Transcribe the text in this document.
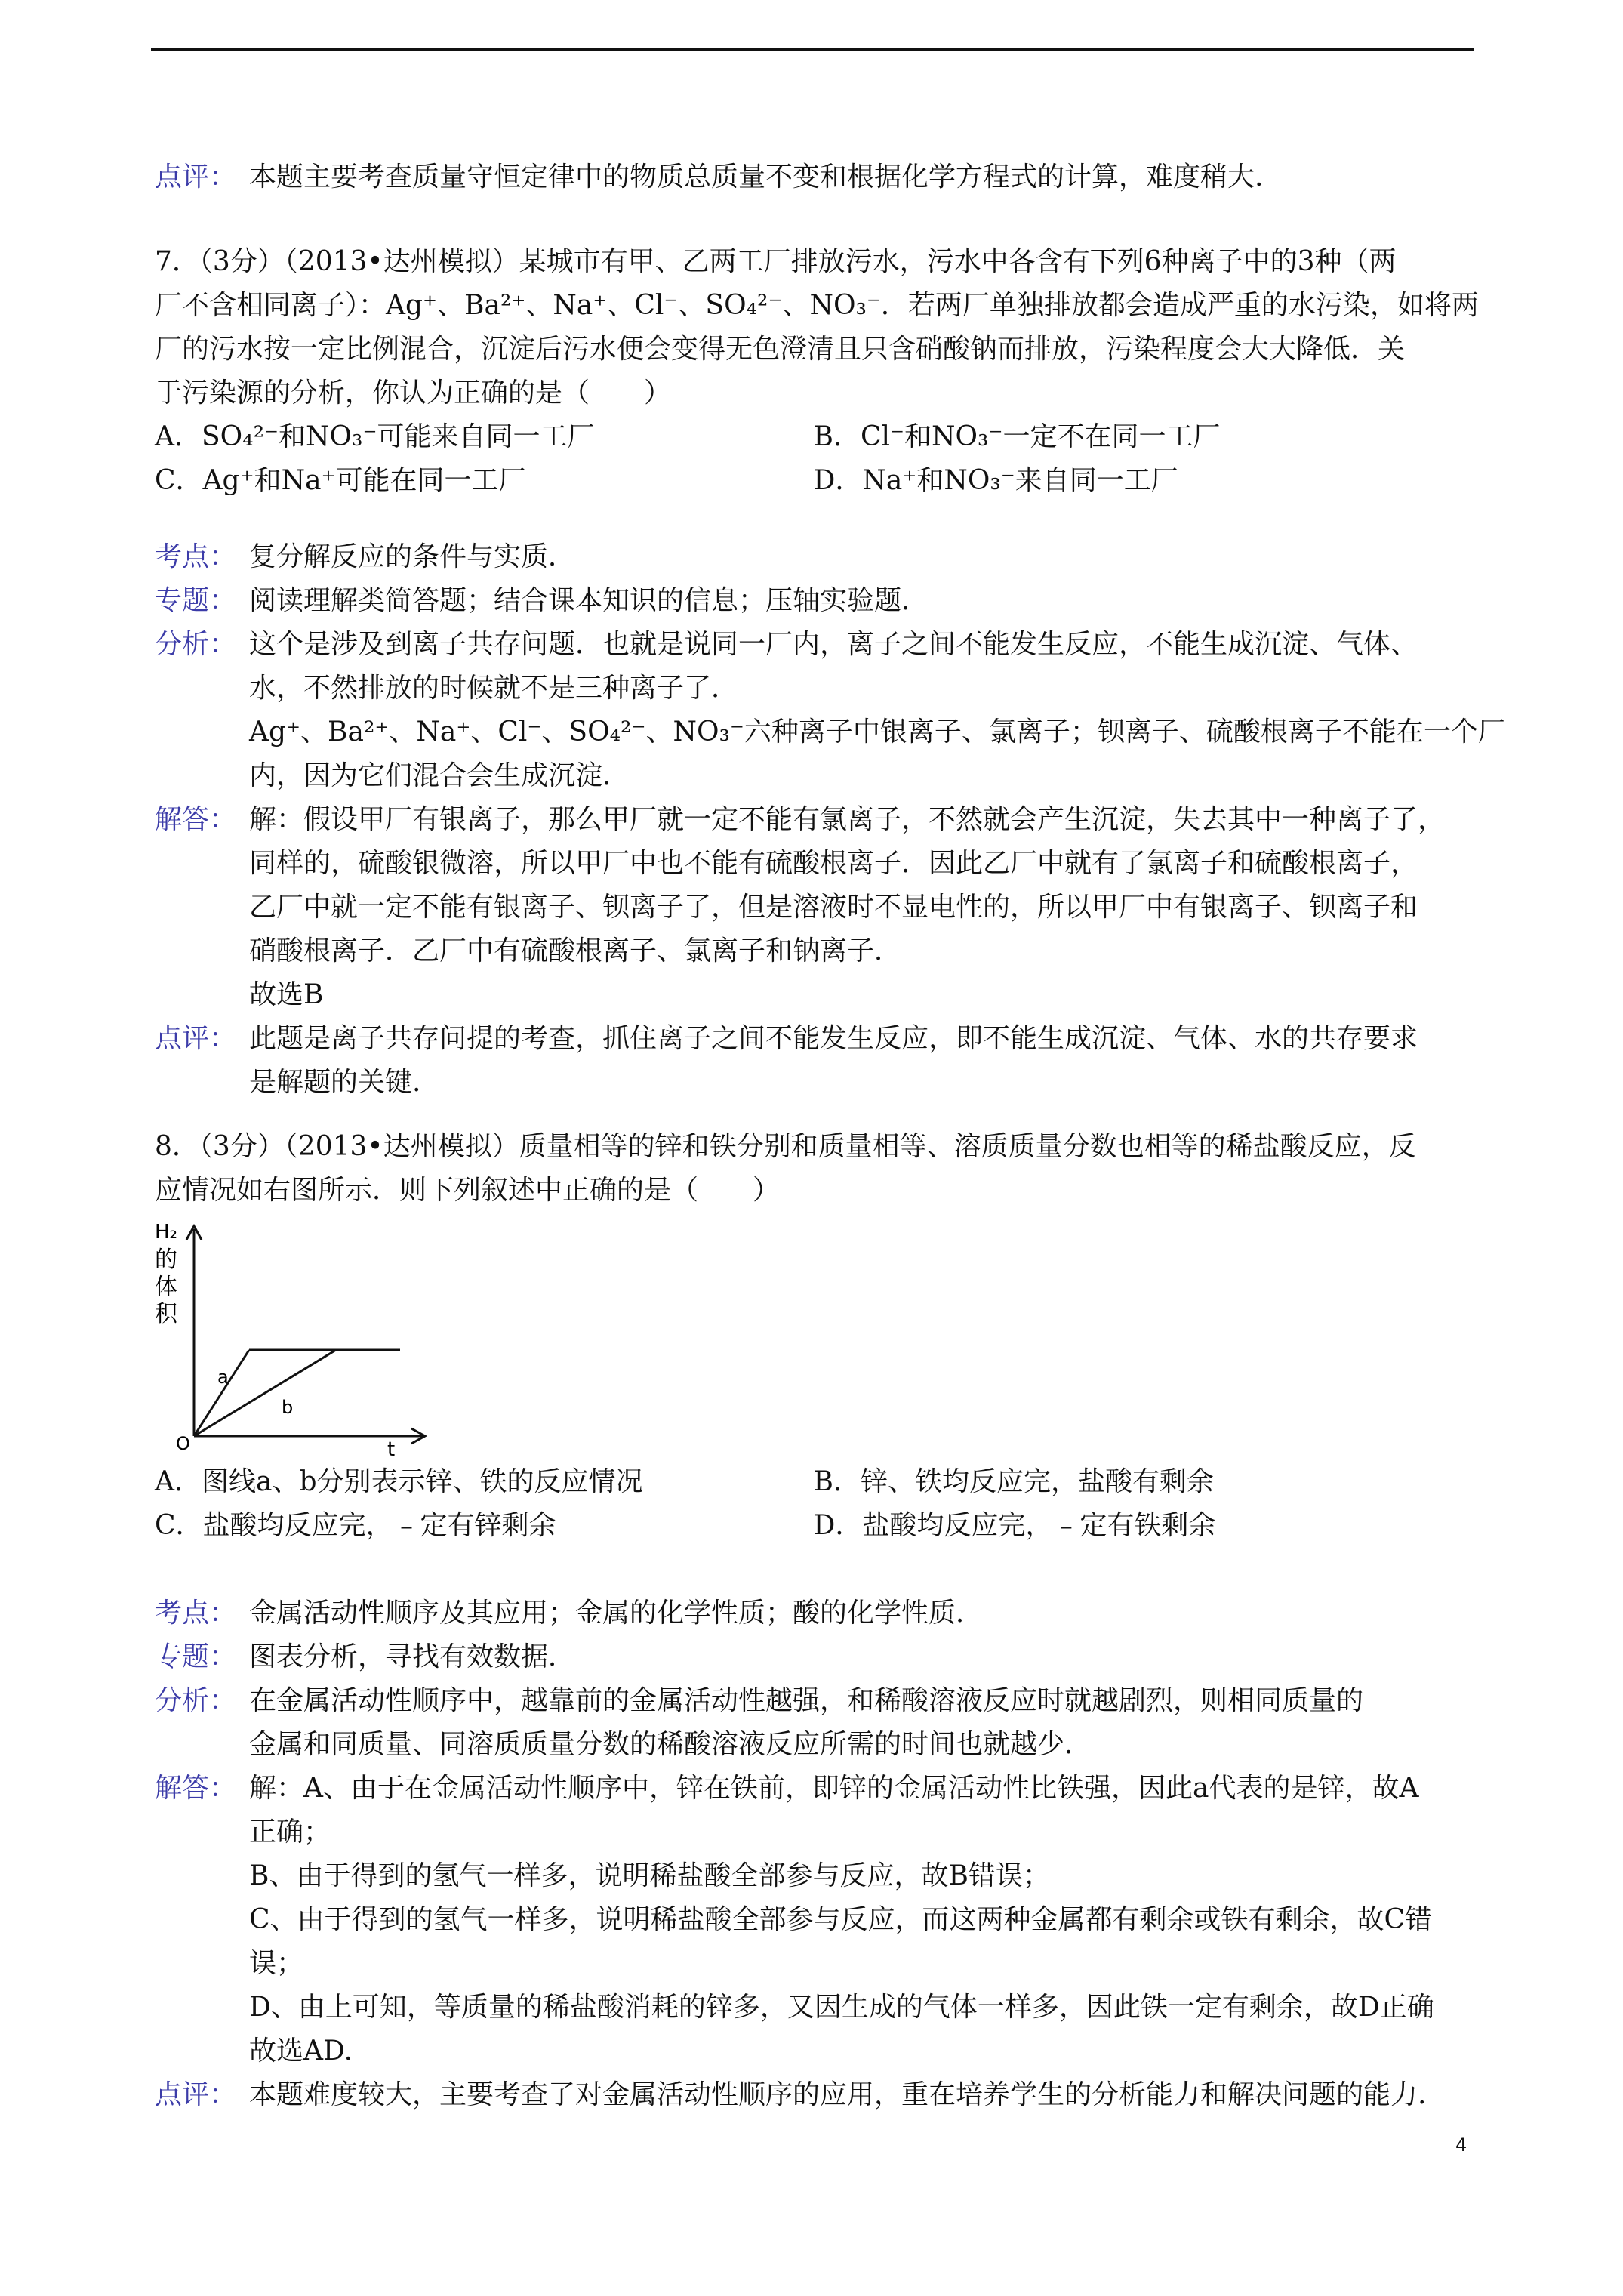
点评： 本题主要考查质量守恒定律中的物质总质量不变和根据化学方程式的计算，难度稍大.
7．（3分）（2013•达州模拟）某城市有甲、乙两工厂排放污水，污水中各含有下列6种离子中的3种（两
厂不含相同离子）：Ag⁺、Ba²⁺、Na⁺、Cl⁻、SO₄²⁻、NO₃⁻．若两厂单独排放都会造成严重的水污染，如将两
厂的污水按一定比例混合，沉淀后污水便会变得无色澄清且只含硝酸钠而排放，污染程度会大大降低．关
于污染源的分析，你认为正确的是（　　）
A．SO₄²⁻和NO₃⁻可能来自同一工厂	B．Cl⁻和NO₃⁻一定不在同一工厂
C．Ag⁺和Na⁺可能在同一工厂	D．Na⁺和NO₃⁻来自同一工厂
考点： 复分解反应的条件与实质．
专题： 阅读理解类简答题；结合课本知识的信息；压轴实验题．
分析： 这个是涉及到离子共存问题．也就是说同一厂内，离子之间不能发生反应，不能生成沉淀、气体、
水，不然排放的时候就不是三种离子了．
Ag⁺、Ba²⁺、Na⁺、Cl⁻、SO₄²⁻、NO₃⁻六种离子中银离子、氯离子；钡离子、硫酸根离子不能在一个厂
内，因为它们混合会生成沉淀．
解答： 解：假设甲厂有银离子，那么甲厂就一定不能有氯离子，不然就会产生沉淀，失去其中一种离子了，
同样的，硫酸银微溶，所以甲厂中也不能有硫酸根离子．因此乙厂中就有了氯离子和硫酸根离子，
乙厂中就一定不能有银离子、钡离子了，但是溶液时不显电性的，所以甲厂中有银离子、钡离子和
硝酸根离子．乙厂中有硫酸根离子、氯离子和钠离子．
故选B
点评： 此题是离子共存问提的考查，抓住离子之间不能发生反应，即不能生成沉淀、气体、水的共存要求
是解题的关键.
8．（3分）（2013•达州模拟）质量相等的锌和铁分别和质量相等、溶质质量分数也相等的稀盐酸反应，反
应情况如右图所示．则下列叙述中正确的是（　　）
H₂
的
体
积
a
b
O	t
A．图线a、b分别表示锌、铁的反应情况	B．锌、铁均反应完，盐酸有剩余
C．盐酸均反应完，﹣定有锌剩余	D．盐酸均反应完，﹣定有铁剩余
考点： 金属活动性顺序及其应用；金属的化学性质；酸的化学性质．
专题： 图表分析，寻找有效数据．
分析： 在金属活动性顺序中，越靠前的金属活动性越强，和稀酸溶液反应时就越剧烈，则相同质量的
金属和同质量、同溶质质量分数的稀酸溶液反应所需的时间也就越少．
解答： 解：A、由于在金属活动性顺序中，锌在铁前，即锌的金属活动性比铁强，因此a代表的是锌，故A
正确；
B、由于得到的氢气一样多，说明稀盐酸全部参与反应，故B错误；
C、由于得到的氢气一样多，说明稀盐酸全部参与反应，而这两种金属都有剩余或铁有剩余，故C错
误；
D、由上可知，等质量的稀盐酸消耗的锌多，又因生成的气体一样多，因此铁一定有剩余，故D正确
故选AD.
点评： 本题难度较大，主要考查了对金属活动性顺序的应用，重在培养学生的分析能力和解决问题的能力.
4
